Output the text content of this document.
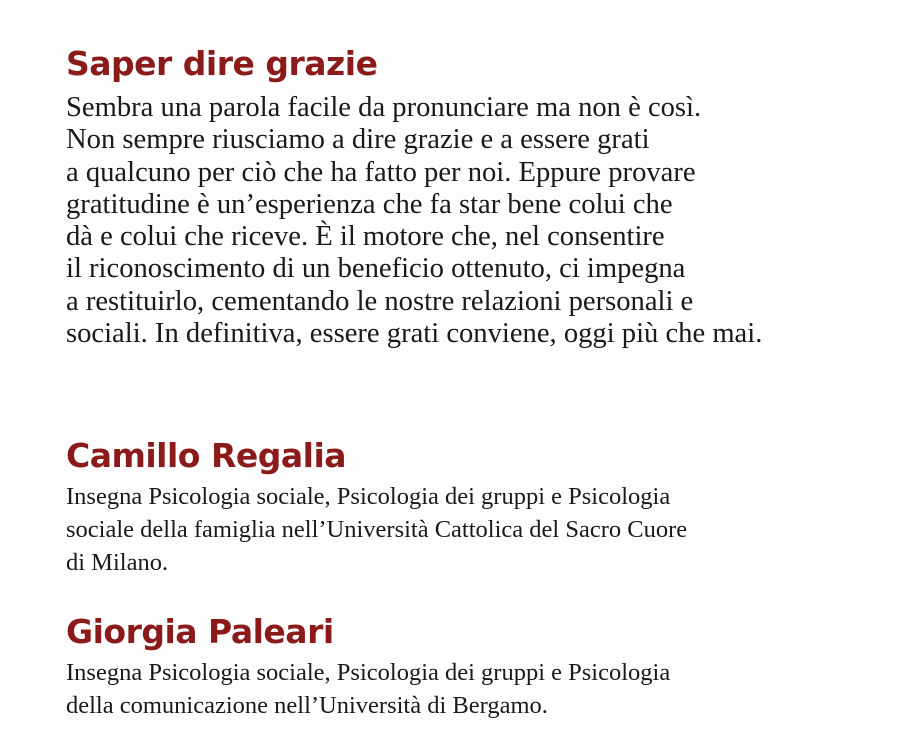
Saper dire grazie
Sembra una parola facile da pronunciare ma non è così.
Non sempre riusciamo a dire grazie e a essere grati
a qualcuno per ciò che ha fatto per noi. Eppure provare
gratitudine è un’esperienza che fa star bene colui che
dà e colui che riceve. È il motore che, nel consentire
il riconoscimento di un beneficio ottenuto, ci impegna
a restituirlo, cementando le nostre relazioni personali e
sociali. In definitiva, essere grati conviene, oggi più che mai.
Camillo Regalia
Insegna Psicologia sociale, Psicologia dei gruppi e Psicologia
sociale della famiglia nell’Università Cattolica del Sacro Cuore
di Milano.
Giorgia Paleari
Insegna Psicologia sociale, Psicologia dei gruppi e Psicologia
della comunicazione nell’Università di Bergamo.
